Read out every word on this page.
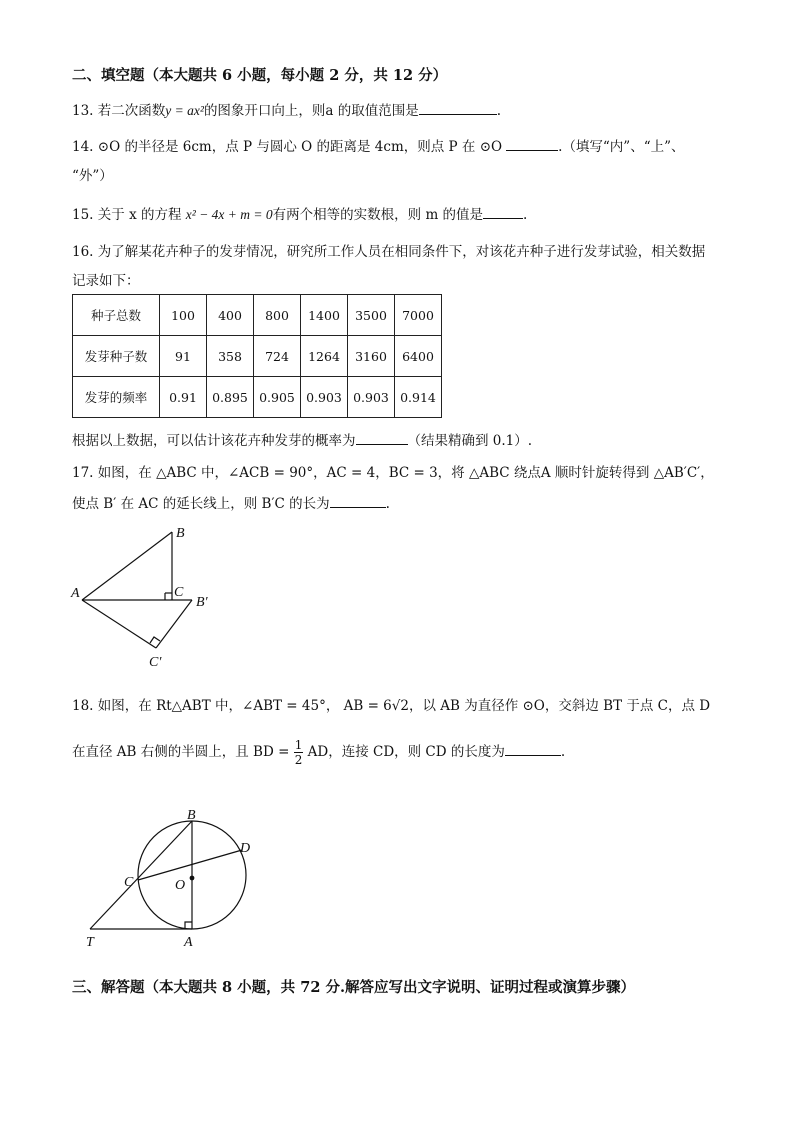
二、填空题（本大题共 6 小题，每小题 2 分，共 12 分）
13. 若二次函数y = ax²的图象开口向上，则a 的取值范围是	.
14. ⊙O 的半径是 6cm，点 P 与圆心 O 的距离是 4cm，则点 P 在 ⊙O	.（填写“内”、“上”、
“外”）
15. 关于 x 的方程 x² − 4x + m = 0有两个相等的实数根，则 m 的值是	.
16. 为了解某花卉种子的发芽情况，研究所工作人员在相同条件下，对该花卉种子进行发芽试验，相关数据
记录如下：
种子总数	100	400	800	1400	3500	7000
发芽种子数	91	358	724	1264	3160	6400
发芽的频率	0.91	0.895	0.905	0.903	0.903	0.914
根据以上数据，可以估计该花卉种发芽的概率为	（结果精确到 0.1）.
17. 如图，在 △ABC 中，∠ACB = 90°，AC = 4，BC = 3，将 △ABC 绕点A 顺时针旋转得到 △AB′C′，
使点 B′ 在 AC 的延长线上，则 B′C 的长为	.
B
A	C
B′
C′
18. 如图，在 Rt△ABT 中，∠ABT = 45°， AB = 6√2，以 AB 为直径作 ⊙O，交斜边 BT 于点 C，点 D
在直径 AB 右侧的半圆上，且 BD = $\frac{1}{2}$ AD，连接 CD，则 CD 的长度为	.
B
D
C	O
T	A
三、解答题（本大题共 8 小题，共 72 分.解答应写出文字说明、证明过程或演算步骤）
